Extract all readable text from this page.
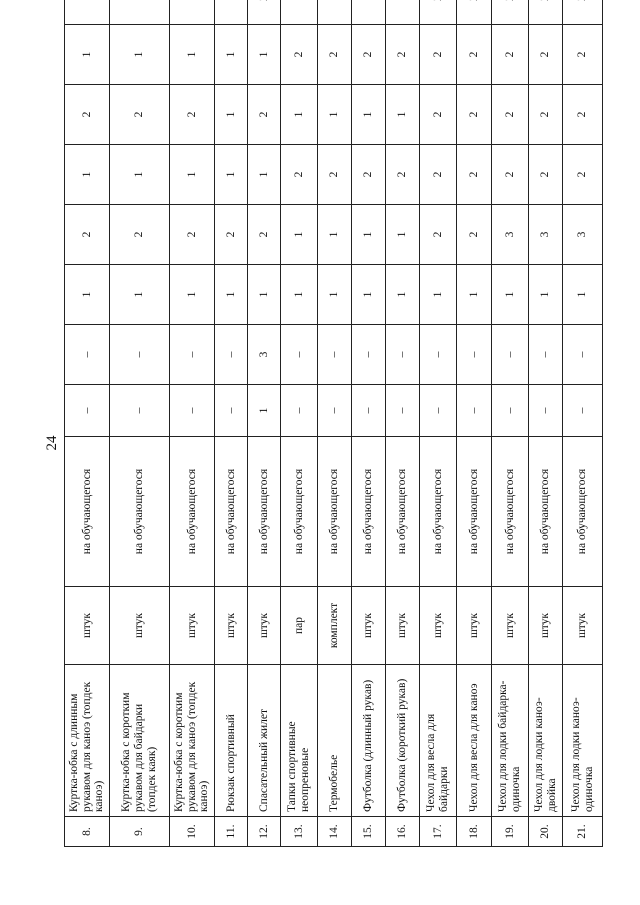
24
8.	Куртка-юбка с длинным рукавом для каноэ (топдек каноэ)	штук	на обучающегося	–	–	1	2	1	2	1	
9.	Куртка-юбка с коротким рукавом для байдарки (топдек каяк)	штук	на обучающегося	–	–	1	2	1	2	1	
10.	Куртка-юбка с коротким рукавом для каноэ (топдек каноэ)	штук	на обучающегося	–	–	1	2	1	2	1	
11.	Рюкзак спортивный	штук	на обучающегося	–	–	1	2	1	1	1	
12.	Спасательный жилет	штук	на обучающегося	1	3	1	2	1	2	1	
13.	Тапки спортивные неопреновые	пар	на обучающегося	–	–	1	1	2	1	2	
14.	Термобелье	комплект	на обучающегося	–	–	1	1	2	1	2	
15.	Футболка (длинный рукав)	штук	на обучающегося	–	–	1	1	2	1	2	
16.	Футболка (короткий рукав)	штук	на обучающегося	–	–	1	1	2	1	2	
17.	Чехол для весла для байдарки	штук	на обучающегося	–	–	1	2	2	2	2	
18.	Чехол для весла для каноэ	штук	на обучающегося	–	–	1	2	2	2	2	
19.	Чехол для лодки байдарка-одиночка	штук	на обучающегося	–	–	1	3	2	2	2	
20.	Чехол для лодки каноэ-двойка	штук	на обучающегося	–	–	1	3	2	2	2	
21.	Чехол для лодки каноэ-одиночка	штук	на обучающегося	–	–	1	3	2	2	2	
